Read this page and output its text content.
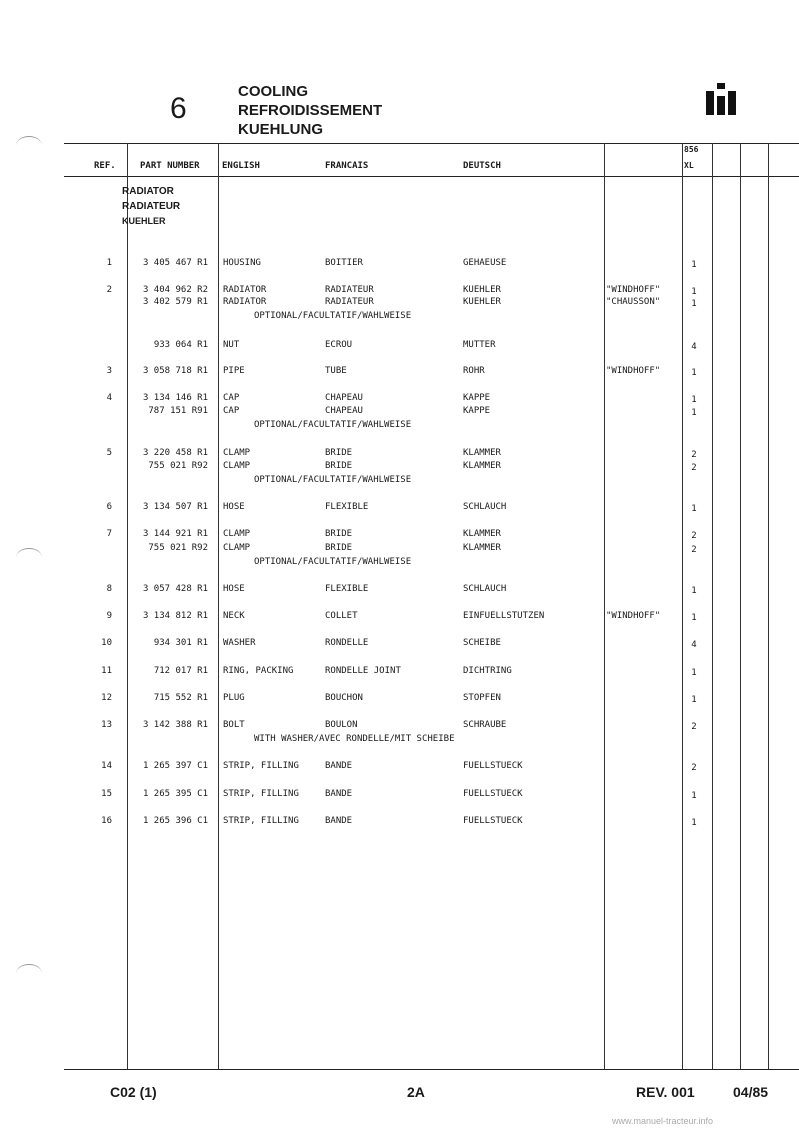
6
COOLING
REFROIDISSEMENT
KUEHLUNG
REF.	PART NUMBER ENGLISH	FRANCAIS	DEUTSCH
856
XL
RADIATOR
RADIATEUR
KUEHLER
1	3 405 467 R1 HOUSING	BOITIER	GEHAEUSE	1
2	3 404 962 R2 RADIATOR	RADIATEUR	KUEHLER	"WINDHOFF"	1
3 402 579 R1 RADIATOR	RADIATEUR	KUEHLER	"CHAUSSON"	1
OPTIONAL/FACULTATIF/WAHLWEISE
933 064 R1 NUT	ECROU	MUTTER	4
3	3 058 718 R1 PIPE	TUBE	ROHR	"WINDHOFF"	1
4	3 134 146 R1 CAP	CHAPEAU	KAPPE	1
787 151 R91 CAP	CHAPEAU	KAPPE	1
OPTIONAL/FACULTATIF/WAHLWEISE
5	3 220 458 R1 CLAMP	BRIDE	KLAMMER	2
755 021 R92 CLAMP	BRIDE	KLAMMER	2
OPTIONAL/FACULTATIF/WAHLWEISE
6	3 134 507 R1 HOSE	FLEXIBLE	SCHLAUCH	1
7	3 144 921 R1 CLAMP	BRIDE	KLAMMER	2
755 021 R92 CLAMP	BRIDE	KLAMMER	2
OPTIONAL/FACULTATIF/WAHLWEISE
8	3 057 428 R1 HOSE	FLEXIBLE	SCHLAUCH	1
9	3 134 812 R1 NECK	COLLET	EINFUELLSTUTZEN	"WINDHOFF"	1
10	934 301 R1 WASHER	RONDELLE	SCHEIBE	4
11	712 017 R1 RING, PACKING	RONDELLE JOINT	DICHTRING	1
12	715 552 R1 PLUG	BOUCHON	STOPFEN	1
13	3 142 388 R1 BOLT	BOULON	SCHRAUBE	2
WITH WASHER/AVEC RONDELLE/MIT SCHEIBE
14	1 265 397 C1 STRIP, FILLING	BANDE	FUELLSTUECK	2
15	1 265 395 C1 STRIP, FILLING	BANDE	FUELLSTUECK	1
16	1 265 396 C1 STRIP, FILLING	BANDE	FUELLSTUECK	1
C02 (1)	2A	REV. 001	04/85
www.manuel-tracteur.info
